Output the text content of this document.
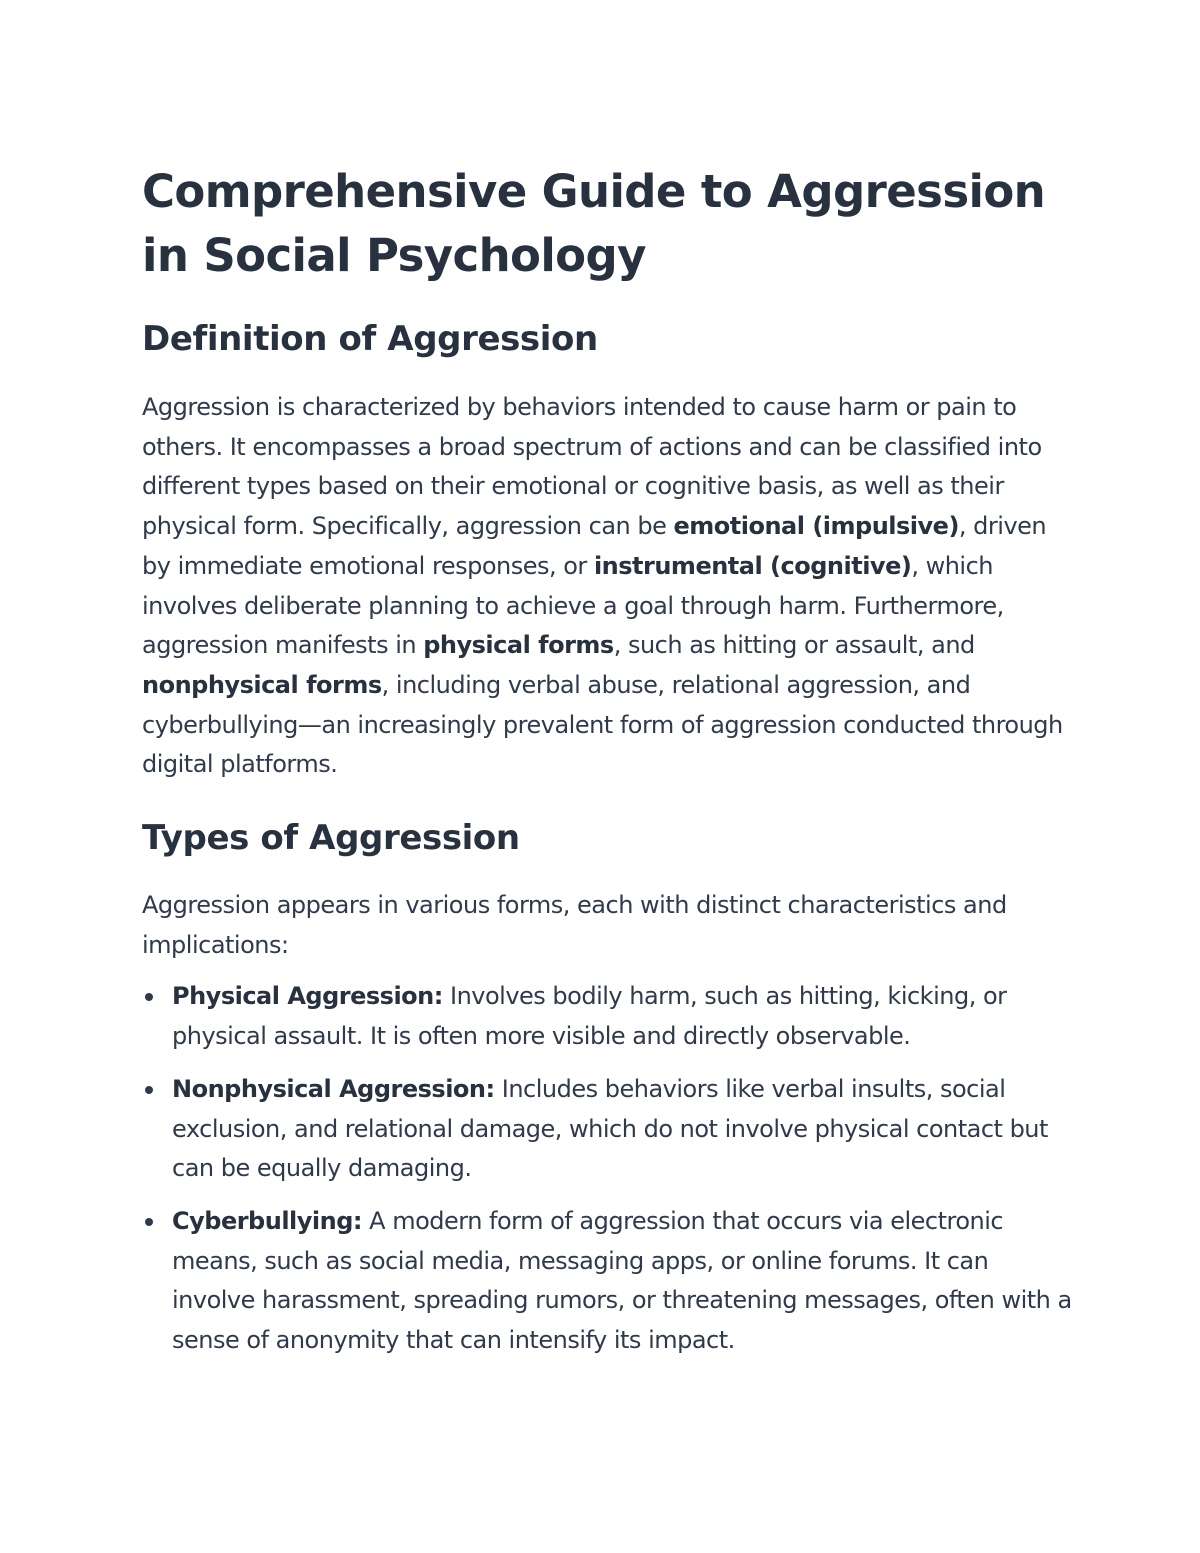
Comprehensive Guide to Aggression in Social Psychology
Definition of Aggression

Aggression is characterized by behaviors intended to cause harm or pain to others. It encompasses a broad spectrum of actions and can be classified into different types based on their emotional or cognitive basis, as well as their physical form. Specifically, aggression can be emotional (impulsive), driven by immediate emotional responses, or instrumental (cognitive), which involves deliberate planning to achieve a goal through harm. Furthermore, aggression manifests in physical forms, such as hitting or assault, and nonphysical forms, including verbal abuse, relational aggression, and cyberbullying—an increasingly prevalent form of aggression conducted through digital platforms.

Types of Aggression

Aggression appears in various forms, each with distinct characteristics and implications:

Physical Aggression: Involves bodily harm, such as hitting, kicking, or physical assault. It is often more visible and directly observable.
Nonphysical Aggression: Includes behaviors like verbal insults, social exclusion, and relational damage, which do not involve physical contact but can be equally damaging.
Cyberbullying: A modern form of aggression that occurs via electronic means, such as social media, messaging apps, or online forums. It can involve harassment, spreading rumors, or threatening messages, often with a sense of anonymity that can intensify its impact.
